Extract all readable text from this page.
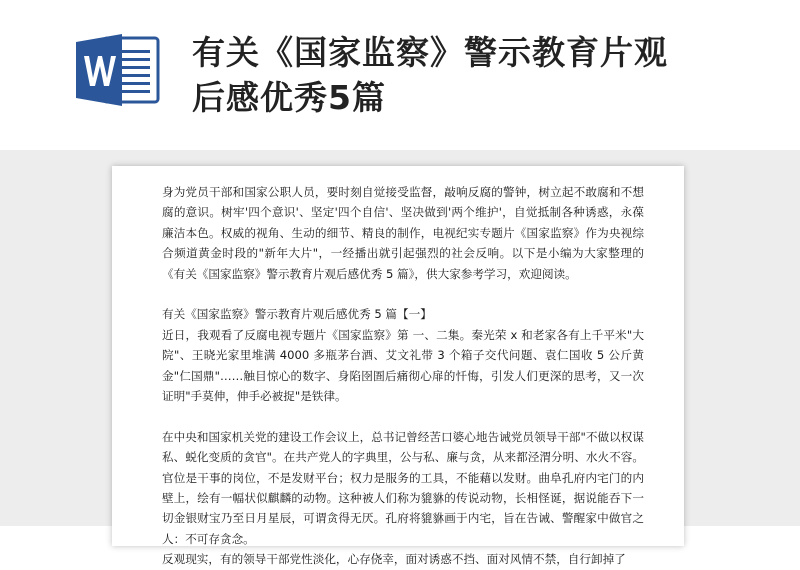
有关《国家监察》警示教育片观
后感优秀5篇

身为党员干部和国家公职人员，要时刻自觉接受监督，敲响反腐的警钟，树立起不敢腐和不想腐的意识。树牢'四个意识'、坚定'四个自信'、坚决做到'两个维护'，自觉抵制各种诱惑，永葆廉洁本色。权威的视角、生动的细节、精良的制作，电视纪实专题片《国家监察》作为央视综合频道黄金时段的"新年大片"，一经播出就引起强烈的社会反响。以下是小编为大家整理的《有关《国家监察》警示教育片观后感优秀 5 篇》，供大家参考学习，欢迎阅读。

有关《国家监察》警示教育片观后感优秀 5 篇【一】

近日，我观看了反腐电视专题片《国家监察》第 一、二集。秦光荣 x 和老家各有上千平米"大院"、王晓光家里堆满 4000 多瓶茅台酒、艾文礼带 3 个箱子交代问题、袁仁国收 5 公斤黄金"仁国鼎"……触目惊心的数字、身陷囹圄后痛彻心扉的忏悔，引发人们更深的思考，又一次证明"手莫伸，伸手必被捉"是铁律。

在中央和国家机关党的建设工作会议上，总书记曾经苦口婆心地告诫党员领导干部"不做以权谋私、蜕化变质的贪官"。在共产党人的字典里，公与私、廉与贪，从来都泾渭分明、水火不容。官位是干事的岗位，不是发财平台；权力是服务的工具，不能藉以发财。曲阜孔府内宅门的内壁上，绘有一幅状似麒麟的动物。这种被人们称为貔貅的传说动物，长相怪诞，据说能吞下一切金银财宝乃至日月星辰，可谓贪得无厌。孔府将貔貅画于内宅，旨在告诫、警醒家中做官之人：不可存贪念。

反观现实，有的领导干部党性淡化，心存侥幸，面对诱惑不挡、面对风情不禁，自行卸掉了
